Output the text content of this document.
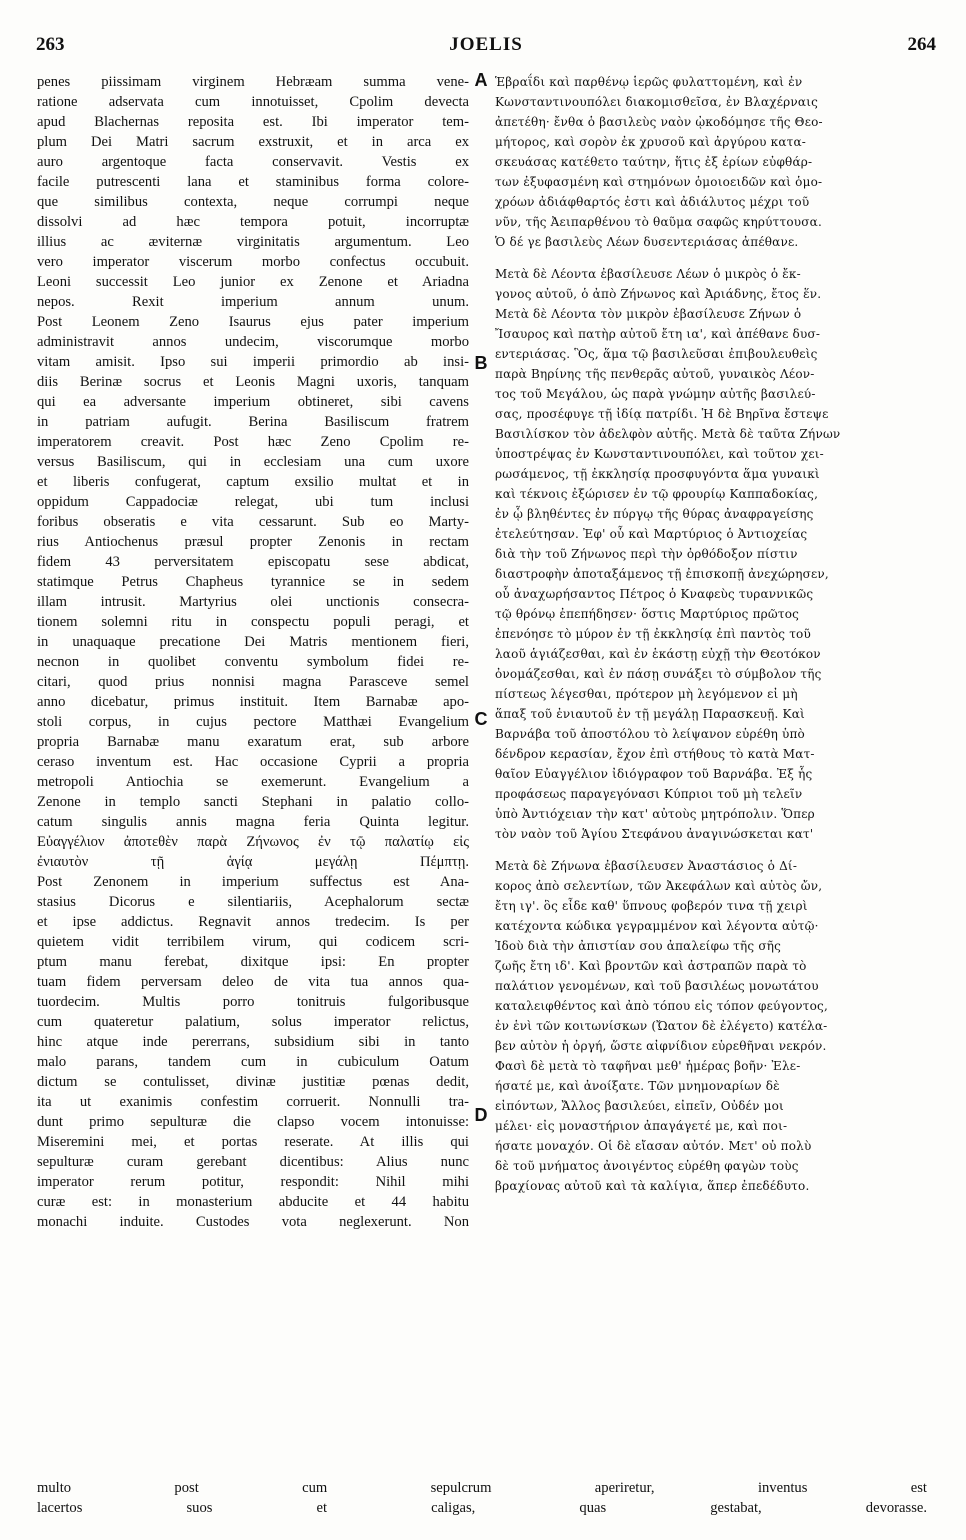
263	JOELIS	264
penes piissimam virginem Hebræam summa vene-
ratione adservata cum innotuisset, Cpolim devecta
apud Blachernas reposita est. Ibi imperator tem-
plum Dei Matri sacrum exstruxit, et in arca ex
auro argentoque facta conservavit. Vestis ex
facile putrescenti lana et staminibus forma colore-
que similibus contexta, neque corrumpi neque
dissolvi ad hæc tempora potuit, incorruptæ
illius ac æviternæ virginitatis argumentum. Leo
vero imperator viscerum morbo confectus occubuit.
Leoni successit Leo junior ex Zenone et Ariadna
nepos. Rexit imperium annum unum.
Post Leonem Zeno Isaurus ejus pater imperium
administravit annos undecim, viscorumque morbo
vitam amisit. Ipso sui imperii primordio ab insi-
diis Berinæ socrus et Leonis Magni uxoris, tanquam
qui ea adversante imperium obtineret, sibi cavens
in patriam aufugit. Berina Basiliscum fratrem
imperatorem creavit. Post hæc Zeno Cpolim re-
versus Basiliscum, qui in ecclesiam una cum uxore
et liberis confugerat, captum exsilio multat et in
oppidum Cappadociæ relegat, ubi tum inclusi
foribus obseratis e vita cessarunt. Sub eo Marty-
rius Antiochenus præsul propter Zenonis in rectam
fidem 43 perversitatem episcopatu sese abdicat,
statimque Petrus Chapheus tyrannice se in sedem
illam intrusit. Martyrius olei unctionis consecra-
tionem solemni ritu in conspectu populi peragi, et
in unaquaque precatione Dei Matris mentionem fieri,
necnon in quolibet conventu symbolum fidei re-
citari, quod prius nonnisi magna Parasceve semel
anno dicebatur, primus instituit. Item Barnabæ apo-
stoli corpus, in cujus pectore Matthæi Evangelium
propria Barnabæ manu exaratum erat, sub arbore
ceraso inventum est. Hac occasione Cyprii a propria
metropoli Antiochia se exemerunt. Evangelium a
Zenone in templo sancti Stephani in palatio collo-
catum singulis annis magna feria Quinta legitur.
Εὐαγγέλιον ἀποτεθὲν παρὰ Ζήνωνος ἐν τῷ παλατίῳ εἰς
ἐνιαυτὸν τῇ ἁγίᾳ μεγάλῃ Πέμπτῃ.
Post Zenonem in imperium suffectus est Ana-
stasius Dicorus e silentiariis, Acephalorum sectæ
et ipse addictus. Regnavit annos tredecim. Is per
quietem vidit terribilem virum, qui codicem scri-
ptum manu ferebat, dixitque ipsi: En propter
tuam fidem perversam deleo de vita tua annos qua-
tuordecim. Multis porro tonitruis fulgoribusque
cum quateretur palatium, solus imperator relictus,
hinc atque inde pererrans, subsidium sibi in tanto
malo parans, tandem cum in cubiculum Oatum
dictum se contulisset, divinæ justitiæ pœnas dedit,
ita ut exanimis confestim corruerit. Nonnulli tra-
dunt primo sepulturæ die clapso vocem intonuisse:
Miseremini mei, et portas reserate. At illis qui
sepulturæ curam gerebant dicentibus: Alius nunc
imperator rerum potitur, respondit: Nihil mihi
curæ est: in monasterium abducite et 44 habitu
monachi induite. Custodes vota neglexerunt. Non
Ἑβραΐδι καὶ παρθένῳ ἱερῶς φυλαττομένη, καὶ ἐν
Κωνσταντινουπόλει διακομισθεῖσα, ἐν Βλαχέρναις
ἀπετέθη· ἔνθα ὁ βασιλεὺς ναὸν ᾠκοδόμησε τῆς Θεο-
μήτορος, καὶ σορὸν ἐκ χρυσοῦ καὶ ἀργύρου κατα-
σκευάσας κατέθετο ταύτην, ἥτις ἐξ ἐρίων εὐφθάρ-
των ἐξυφασμένη καὶ στημόνων ὁμοιοειδῶν καὶ ὁμο-
χρόων ἀδιάφθαρτός ἐστι καὶ ἀδιάλυτος μέχρι τοῦ
νῦν, τῆς Ἀειπαρθένου τὸ θαῦμα σαφῶς κηρύττουσα.
Ὁ δέ γε βασιλεὺς Λέων δυσεντεριάσας ἀπέθανε.
Μετὰ δὲ Λέοντα ἐβασίλευσε Λέων ὁ μικρὸς ὁ ἔκ-
γονος αὐτοῦ, ὁ ἀπὸ Ζήνωνος καὶ Ἀριάδνης, ἔτος ἕν.
Μετὰ δὲ Λέοντα τὸν μικρὸν ἐβασίλευσε Ζήνων ὁ
Ἴσαυρος καὶ πατὴρ αὐτοῦ ἔτη ια', καὶ ἀπέθανε δυσ-
εντεριάσας. Ὃς, ἅμα τῷ βασιλεῦσαι ἐπιβουλευθεὶς
παρὰ Βηρίνης τῆς πενθερᾶς αὐτοῦ, γυναικὸς Λέον-
τος τοῦ Μεγάλου, ὡς παρὰ γνώμην αὐτῆς βασιλεύ-
σας, προσέφυγε τῇ ἰδίᾳ πατρίδι. Ἡ δὲ Βηρῖνα ἔστεψε
Βασιλίσκον τὸν ἀδελφὸν αὐτῆς. Μετὰ δὲ ταῦτα Ζήνων
ὑποστρέψας ἐν Κωνσταντινουπόλει, καὶ τοῦτον χει-
ρωσάμενος, τῇ ἐκκλησίᾳ προσφυγόντα ἅμα γυναικὶ
καὶ τέκνοις ἐξώρισεν ἐν τῷ φρουρίῳ Καππαδοκίας,
ἐν ᾧ βληθέντες ἐν πύργῳ τῆς θύρας ἀναφραγείσης
ἐτελεύτησαν. Ἐφ' οὗ καὶ Μαρτύριος ὁ Ἀντιοχείας
διὰ τὴν τοῦ Ζήνωνος περὶ τὴν ὀρθόδοξον πίστιν
διαστροφὴν ἀποταξάμενος τῇ ἐπισκοπῇ ἀνεχώρησεν,
οὗ ἀναχωρήσαντος Πέτρος ὁ Κναφεὺς τυραννικῶς
τῷ θρόνῳ ἐπεπήδησεν· ὅστις Μαρτύριος πρῶτος
ἐπενόησε τὸ μύρον ἐν τῇ ἐκκλησίᾳ ἐπὶ παντὸς τοῦ
λαοῦ ἁγιάζεσθαι, καὶ ἐν ἑκάστῃ εὐχῇ τὴν Θεοτόκον
ὀνομάζεσθαι, καὶ ἐν πάσῃ συνάξει τὸ σύμβολον τῆς
πίστεως λέγεσθαι, πρότερον μὴ λεγόμενον εἰ μὴ
ἅπαξ τοῦ ἐνιαυτοῦ ἐν τῇ μεγάλῃ Παρασκευῇ. Καὶ
Βαρνάβα τοῦ ἀποστόλου τὸ λείψανον εὑρέθη ὑπὸ
δένδρον κερασίαν, ἔχον ἐπὶ στήθους τὸ κατὰ Ματ-
θαῖον Εὐαγγέλιον ἰδιόγραφον τοῦ Βαρνάβα. Ἐξ ἧς
προφάσεως παραγεγόνασι Κύπριοι τοῦ μὴ τελεῖν
ὑπὸ Ἀντιόχειαν τὴν κατ' αὐτοὺς μητρόπολιν. Ὅπερ
τὸν ναὸν τοῦ Ἁγίου Στεφάνου ἀναγινώσκεται κατ'
Μετὰ δὲ Ζήνωνα ἐβασίλευσεν Ἀναστάσιος ὁ Δί-
κορος ἀπὸ σελεντίων, τῶν Ἀκεφάλων καὶ αὐτὸς ὤν,
ἔτη ιγ'. ὃς εἶδε καθ' ὕπνους φοβερόν τινα τῇ χειρὶ
κατέχοντα κώδικα γεγραμμένον καὶ λέγοντα αὐτῷ·
Ἰδοὺ διὰ τὴν ἀπιστίαν σου ἀπαλείφω τῆς σῆς
ζωῆς ἔτη ιδ'. Καὶ βροντῶν καὶ ἀστραπῶν παρὰ τὸ
παλάτιον γενομένων, καὶ τοῦ βασιλέως μονωτάτου
καταλειφθέντος καὶ ἀπὸ τόπου εἰς τόπον φεύγοντος,
ἐν ἑνὶ τῶν κοιτωνίσκων (Ὤατον δὲ ἐλέγετο) κατέλα-
βεν αὐτὸν ἡ ὀργή, ὥστε αἰφνίδιον εὑρεθῆναι νεκρόν.
Φασὶ δὲ μετὰ τὸ ταφῆναι μεθ' ἡμέρας βοῆν· Ἐλε-
ήσατέ με, καὶ ἀνοίξατε. Τῶν μνημοναρίων δὲ
εἰπόντων, Ἄλλος βασιλεύει, εἰπεῖν, Οὐδέν μοι
μέλει· εἰς μοναστήριον ἀπαγάγετέ με, καὶ ποι-
ήσατε μοναχόν. Οἱ δὲ εἴασαν αὐτόν. Μετ' οὐ πολὺ
δὲ τοῦ μνήματος ἀνοιγέντος εὑρέθη φαγὼν τοὺς
βραχίονας αὐτοῦ καὶ τὰ καλίγια, ἅπερ ἐπεδέδυτο.
A
B
C
D
multo post cum sepulcrum aperiretur, inventus est
lacertos suos et caligas, quas gestabat, devorasse.
